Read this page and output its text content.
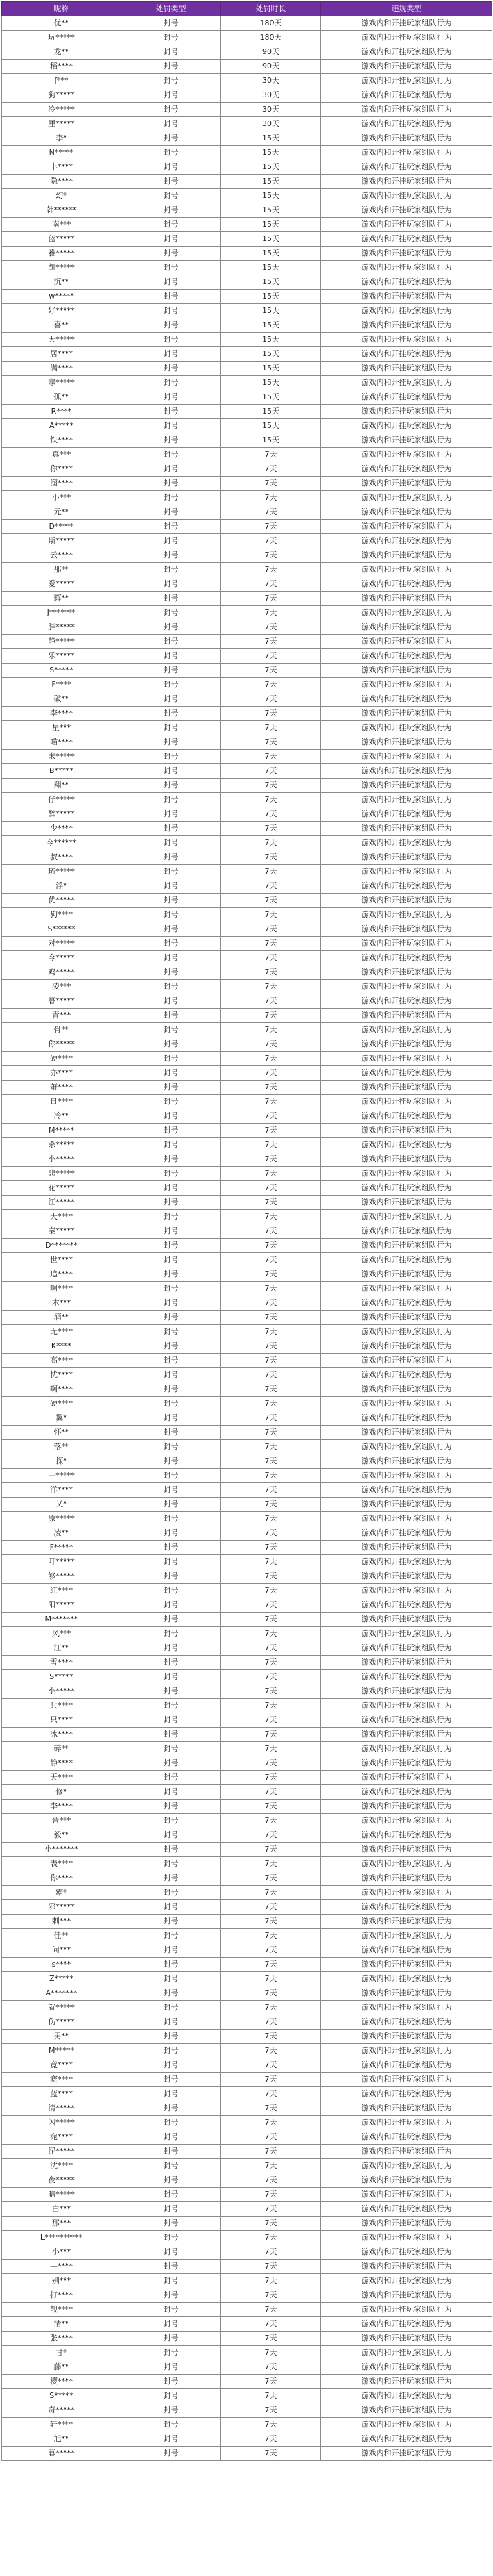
昵称	处罚类型	处罚时长	违规类型
优**	封号	180天	游戏内和开挂玩家组队行为
玩*****	封号	180天	游戏内和开挂玩家组队行为
龙**	封号	90天	游戏内和开挂玩家组队行为
稻****	封号	90天	游戏内和开挂玩家组队行为
ƒ***	封号	30天	游戏内和开挂玩家组队行为
狗*****	封号	30天	游戏内和开挂玩家组队行为
冷*****	封号	30天	游戏内和开挂玩家组队行为
厘*****	封号	30天	游戏内和开挂玩家组队行为
李*	封号	15天	游戏内和开挂玩家组队行为
N*****	封号	15天	游戏内和开挂玩家组队行为
丰****	封号	15天	游戏内和开挂玩家组队行为
隐****	封号	15天	游戏内和开挂玩家组队行为
幻*	封号	15天	游戏内和开挂玩家组队行为
韩******	封号	15天	游戏内和开挂玩家组队行为
南***	封号	15天	游戏内和开挂玩家组队行为
蓝*****	封号	15天	游戏内和开挂玩家组队行为
雅*****	封号	15天	游戏内和开挂玩家组队行为
凯*****	封号	15天	游戏内和开挂玩家组队行为
沉**	封号	15天	游戏内和开挂玩家组队行为
w*****	封号	15天	游戏内和开挂玩家组队行为
好*****	封号	15天	游戏内和开挂玩家组队行为
喜**	封号	15天	游戏内和开挂玩家组队行为
天*****	封号	15天	游戏内和开挂玩家组队行为
居****	封号	15天	游戏内和开挂玩家组队行为
满****	封号	15天	游戏内和开挂玩家组队行为
寒*****	封号	15天	游戏内和开挂玩家组队行为
孤**	封号	15天	游戏内和开挂玩家组队行为
R****	封号	15天	游戏内和开挂玩家组队行为
A*****	封号	15天	游戏内和开挂玩家组队行为
铁****	封号	15天	游戏内和开挂玩家组队行为
真***	封号	7天	游戏内和开挂玩家组队行为
你****	封号	7天	游戏内和开挂玩家组队行为
溜****	封号	7天	游戏内和开挂玩家组队行为
小***	封号	7天	游戏内和开挂玩家组队行为
元**	封号	7天	游戏内和开挂玩家组队行为
D*****	封号	7天	游戏内和开挂玩家组队行为
斯*****	封号	7天	游戏内和开挂玩家组队行为
云****	封号	7天	游戏内和开挂玩家组队行为
那**	封号	7天	游戏内和开挂玩家组队行为
爱*****	封号	7天	游戏内和开挂玩家组队行为
辉**	封号	7天	游戏内和开挂玩家组队行为
J*******	封号	7天	游戏内和开挂玩家组队行为
胖*****	封号	7天	游戏内和开挂玩家组队行为
静*****	封号	7天	游戏内和开挂玩家组队行为
乐*****	封号	7天	游戏内和开挂玩家组队行为
S*****	封号	7天	游戏内和开挂玩家组队行为
F****	封号	7天	游戏内和开挂玩家组队行为
破**	封号	7天	游戏内和开挂玩家组队行为
李****	封号	7天	游戏内和开挂玩家组队行为
星***	封号	7天	游戏内和开挂玩家组队行为
喵****	封号	7天	游戏内和开挂玩家组队行为
未*****	封号	7天	游戏内和开挂玩家组队行为
B*****	封号	7天	游戏内和开挂玩家组队行为
翔**	封号	7天	游戏内和开挂玩家组队行为
仔*****	封号	7天	游戏内和开挂玩家组队行为
醉*****	封号	7天	游戏内和开挂玩家组队行为
少****	封号	7天	游戏内和开挂玩家组队行为
今******	封号	7天	游戏内和开挂玩家组队行为
叔****	封号	7天	游戏内和开挂玩家组队行为
琉*****	封号	7天	游戏内和开挂玩家组队行为
浮*	封号	7天	游戏内和开挂玩家组队行为
优*****	封号	7天	游戏内和开挂玩家组队行为
狗****	封号	7天	游戏内和开挂玩家组队行为
S******	封号	7天	游戏内和开挂玩家组队行为
对*****	封号	7天	游戏内和开挂玩家组队行为
今*****	封号	7天	游戏内和开挂玩家组队行为
鸡*****	封号	7天	游戏内和开挂玩家组队行为
凌***	封号	7天	游戏内和开挂玩家组队行为
暮*****	封号	7天	游戏内和开挂玩家组队行为
青***	封号	7天	游戏内和开挂玩家组队行为
骨**	封号	7天	游戏内和开挂玩家组队行为
你*****	封号	7天	游戏内和开挂玩家组队行为
硬****	封号	7天	游戏内和开挂玩家组队行为
亦****	封号	7天	游戏内和开挂玩家组队行为
萧****	封号	7天	游戏内和开挂玩家组队行为
日****	封号	7天	游戏内和开挂玩家组队行为
冷**	封号	7天	游戏内和开挂玩家组队行为
M*****	封号	7天	游戏内和开挂玩家组队行为
杀*****	封号	7天	游戏内和开挂玩家组队行为
小*****	封号	7天	游戏内和开挂玩家组队行为
悲*****	封号	7天	游戏内和开挂玩家组队行为
花*****	封号	7天	游戏内和开挂玩家组队行为
江*****	封号	7天	游戏内和开挂玩家组队行为
天****	封号	7天	游戏内和开挂玩家组队行为
秦*****	封号	7天	游戏内和开挂玩家组队行为
D*******	封号	7天	游戏内和开挂玩家组队行为
世****	封号	7天	游戏内和开挂玩家组队行为
追****	封号	7天	游戏内和开挂玩家组队行为
啊****	封号	7天	游戏内和开挂玩家组队行为
木***	封号	7天	游戏内和开挂玩家组队行为
酒**	封号	7天	游戏内和开挂玩家组队行为
无****	封号	7天	游戏内和开挂玩家组队行为
K****	封号	7天	游戏内和开挂玩家组队行为
高****	封号	7天	游戏内和开挂玩家组队行为
忧****	封号	7天	游戏内和开挂玩家组队行为
啊****	封号	7天	游戏内和开挂玩家组队行为
硬****	封号	7天	游戏内和开挂玩家组队行为
翼*	封号	7天	游戏内和开挂玩家组队行为
怀**	封号	7天	游戏内和开挂玩家组队行为
落**	封号	7天	游戏内和开挂玩家组队行为
探*	封号	7天	游戏内和开挂玩家组队行为
—*****	封号	7天	游戏内和开挂玩家组队行为
洋****	封号	7天	游戏内和开挂玩家组队行为
乂*	封号	7天	游戏内和开挂玩家组队行为
原*****	封号	7天	游戏内和开挂玩家组队行为
凌**	封号	7天	游戏内和开挂玩家组队行为
F*****	封号	7天	游戏内和开挂玩家组队行为
叮*****	封号	7天	游戏内和开挂玩家组队行为
够*****	封号	7天	游戏内和开挂玩家组队行为
红****	封号	7天	游戏内和开挂玩家组队行为
阳*****	封号	7天	游戏内和开挂玩家组队行为
M*******	封号	7天	游戏内和开挂玩家组队行为
风***	封号	7天	游戏内和开挂玩家组队行为
江**	封号	7天	游戏内和开挂玩家组队行为
雪****	封号	7天	游戏内和开挂玩家组队行为
S*****	封号	7天	游戏内和开挂玩家组队行为
小*****	封号	7天	游戏内和开挂玩家组队行为
兵****	封号	7天	游戏内和开挂玩家组队行为
只****	封号	7天	游戏内和开挂玩家组队行为
冰****	封号	7天	游戏内和开挂玩家组队行为
碎**	封号	7天	游戏内和开挂玩家组队行为
静****	封号	7天	游戏内和开挂玩家组队行为
天****	封号	7天	游戏内和开挂玩家组队行为
修*	封号	7天	游戏内和开挂玩家组队行为
李****	封号	7天	游戏内和开挂玩家组队行为
晋***	封号	7天	游戏内和开挂玩家组队行为
毅**	封号	7天	游戏内和开挂玩家组队行为
小*******	封号	7天	游戏内和开挂玩家组队行为
表****	封号	7天	游戏内和开挂玩家组队行为
你****	封号	7天	游戏内和开挂玩家组队行为
霸*	封号	7天	游戏内和开挂玩家组队行为
邪*****	封号	7天	游戏内和开挂玩家组队行为
刺***	封号	7天	游戏内和开挂玩家组队行为
佳**	封号	7天	游戏内和开挂玩家组队行为
问***	封号	7天	游戏内和开挂玩家组队行为
s****	封号	7天	游戏内和开挂玩家组队行为
Z*****	封号	7天	游戏内和开挂玩家组队行为
A*******	封号	7天	游戏内和开挂玩家组队行为
就*****	封号	7天	游戏内和开挂玩家组队行为
伤*****	封号	7天	游戏内和开挂玩家组队行为
男**	封号	7天	游戏内和开挂玩家组队行为
M*****	封号	7天	游戏内和开挂玩家组队行为
竟****	封号	7天	游戏内和开挂玩家组队行为
赛****	封号	7天	游戏内和开挂玩家组队行为
蓝****	封号	7天	游戏内和开挂玩家组队行为
清*****	封号	7天	游戏内和开挂玩家组队行为
闪*****	封号	7天	游戏内和开挂玩家组队行为
宛****	封号	7天	游戏内和开挂玩家组队行为
泥*****	封号	7天	游戏内和开挂玩家组队行为
沈****	封号	7天	游戏内和开挂玩家组队行为
夜*****	封号	7天	游戏内和开挂玩家组队行为
暗*****	封号	7天	游戏内和开挂玩家组队行为
白***	封号	7天	游戏内和开挂玩家组队行为
那***	封号	7天	游戏内和开挂玩家组队行为
L**********	封号	7天	游戏内和开挂玩家组队行为
小***	封号	7天	游戏内和开挂玩家组队行为
—****	封号	7天	游戏内和开挂玩家组队行为
别***	封号	7天	游戏内和开挂玩家组队行为
打****	封号	7天	游戏内和开挂玩家组队行为
靓****	封号	7天	游戏内和开挂玩家组队行为
清**	封号	7天	游戏内和开挂玩家组队行为
张****	封号	7天	游戏内和开挂玩家组队行为
甘*	封号	7天	游戏内和开挂玩家组队行为
藤**	封号	7天	游戏内和开挂玩家组队行为
樱****	封号	7天	游戏内和开挂玩家组队行为
S*****	封号	7天	游戏内和开挂玩家组队行为
奇*****	封号	7天	游戏内和开挂玩家组队行为
轩****	封号	7天	游戏内和开挂玩家组队行为
旭**	封号	7天	游戏内和开挂玩家组队行为
暮*****	封号	7天	游戏内和开挂玩家组队行为
